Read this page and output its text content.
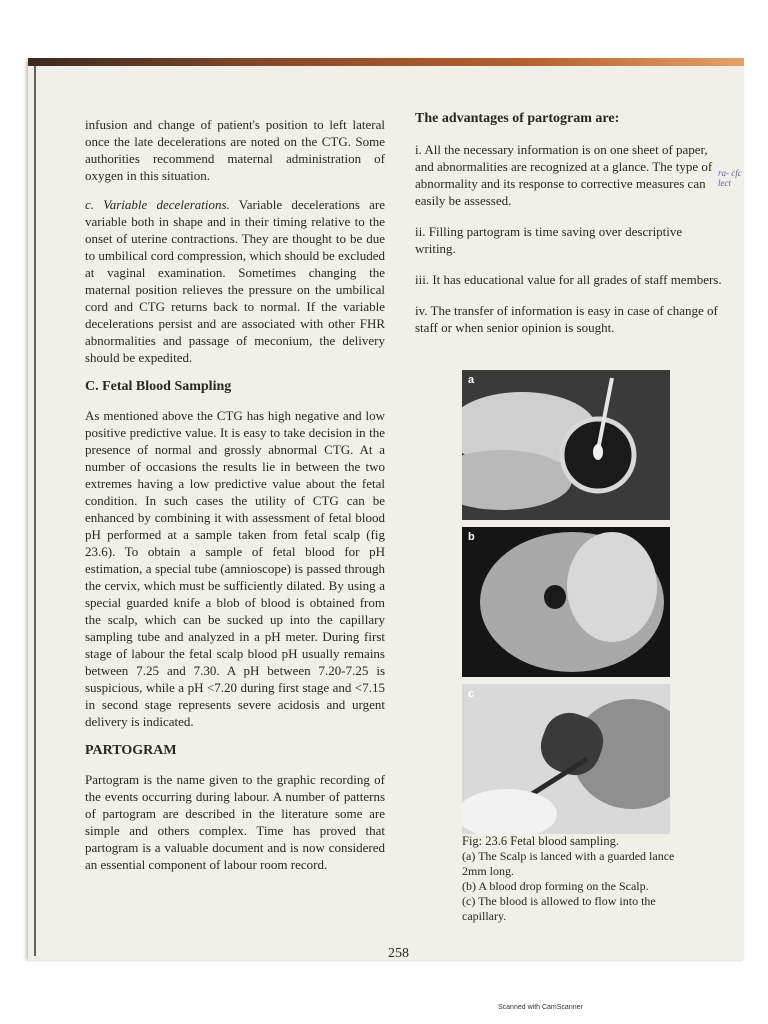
infusion and change of patient's position to left lateral once the late decelerations are noted on the CTG. Some authorities recommend maternal administration of oxygen in this situation.

c. Variable decelerations. Variable decelerations are variable both in shape and in their timing relative to the onset of uterine contractions. They are thought to be due to umbilical cord compression, which should be excluded at vaginal examination. Sometimes changing the maternal position relieves the pressure on the umbilical cord and CTG returns back to normal. If the variable decelerations persist and are associated with other FHR abnormalities and passage of meconium, the delivery should be expedited.

C. Fetal Blood Sampling

As mentioned above the CTG has high negative and low positive predictive value. It is easy to take decision in the presence of normal and grossly abnormal CTG. At a number of occasions the results lie in between the two extremes having a low predictive value about the fetal condition. In such cases the utility of CTG can be enhanced by combining it with assessment of fetal blood pH performed at a sample taken from fetal scalp (fig 23.6). To obtain a sample of fetal blood for pH estimation, a special tube (amnioscope) is passed through the cervix, which must be sufficiently dilated. By using a special guarded knife a blob of blood is obtained from the scalp, which can be sucked up into the capillary sampling tube and analyzed in a pH meter. During first stage of labour the fetal scalp blood pH usually remains between 7.25 and 7.30. A pH between 7.20-7.25 is suspicious, while a pH <7.20 during first stage and <7.15 in second stage represents severe acidosis and urgent delivery is indicated.

PARTOGRAM

Partogram is the name given to the graphic recording of the events occurring during labour. A number of patterns of partogram are described in the literature some are simple and others complex. Time has proved that partogram is a valuable document and is now considered an essential component of labour room record.

The advantages of partogram are:
i. All the necessary information is on one sheet of paper, and abnormalities are recognized at a glance. The type of abnormality and its response to corrective measures can easily be assessed.
ii. Filling partogram is time saving over descriptive writing.
iii. It has educational value for all grades of staff members.
iv. The transfer of information is easy in case of change of staff or when senior opinion is sought.
ra- cfc lect
a
b
c
Fig: 23.6 Fetal blood sampling.
(a) The Scalp is lanced with a guarded lance 2mm long.
(b) A blood drop forming on the Scalp.
(c) The blood is allowed to flow into the capillary.
258
Scanned with CamScanner
